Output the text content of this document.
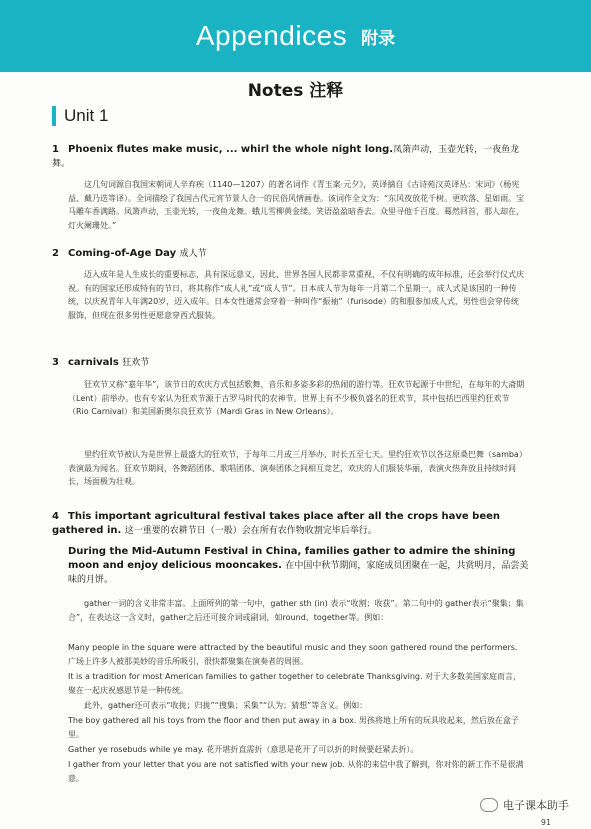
Appendices 附录
Notes 注释
Unit 1
1 Phoenix flutes make music, ... whirl the whole night long.凤箫声动，玉壶光转，一夜鱼龙舞。
这几句词源自我国宋朝词人辛弃疾（1140—1207）的著名词作《青玉案·元夕》，英译摘自《古诗苑汉英译丛：宋词》（杨宪益、戴乃迭等译）。全词描绘了我国古代元宵节景人合一的民俗风情画卷。该词作全文为：“东风夜放花千树。更吹落、星如雨。宝马雕车香满路。凤箫声动，玉壶光转，一夜鱼龙舞。蛾儿雪柳黄金缕。笑语盈盈暗香去。众里寻他千百度。蓦然回首，那人却在，灯火阑珊处。”
2 Coming-of-Age Day 成人节
迈入成年是人生成长的重要标志，具有深远意义，因此，世界各国人民都非常重视，不仅有明确的成年标准，还会举行仪式庆祝。有的国家还形成特有的节日，将其称作“成人礼”或“成人节”。日本成人节为每年一月第二个星期一，成人式是该国的一种传统，以庆祝青年人年满20岁，迈入成年。日本女性通常会穿着一种叫作“振袖”（furisode）的和服参加成人式，男性也会穿传统服饰，但现在很多男性更愿意穿西式服装。
3 carnivals 狂欢节
狂欢节又称“嘉年华”，该节日的欢庆方式包括歌舞、音乐和多姿多彩的热闹的游行等。狂欢节起源于中世纪，在每年的大斋期（Lent）前举办。也有专家认为狂欢节源于古罗马时代的农神节。世界上有不少极负盛名的狂欢节，其中包括巴西里约狂欢节（Rio Carnival）和美国新奥尔良狂欢节（Mardi Gras in New Orleans）。
里约狂欢节被认为是世界上最盛大的狂欢节，于每年二月或三月举办，时长五至七天。里约狂欢节以各这原桑巴舞（samba）表演最为闻名。狂欢节期间，各舞蹈团体、歌唱团体、演奏团体之间相互竞艺，欢庆的人们服装华丽，表演火热奔放且持续时间长，场面极为壮观。
4 This important agricultural festival takes place after all the crops have been gathered in. 这一重要的农耕节日（一般）会在所有农作物收割完毕后举行。
During the Mid-Autumn Festival in China, families gather to admire the shining moon and enjoy delicious mooncakes. 在中国中秋节期间，家庭成员团聚在一起，共赏明月，品尝美味的月饼。
gather一词的含义非常丰富。上面所列的第一句中，gather sth (in) 表示“收割；收获”。第二句中的 gather表示“聚集；集合”，在表达这一含义时，gather之后还可接介词或副词，如round、together等。例如：
Many people in the square were attracted by the beautiful music and they soon gathered round the performers. 广场上许多人被那美妙的音乐所吸引，很快都聚集在演奏者的周围。
It is a tradition for most American families to gather together to celebrate Thanksgiving. 对于大多数美国家庭而言，聚在一起庆祝感恩节是一种传统。
此外，gather还可表示“收拢；归拢”“搜集；采集”“认为；猜想”等含义。例如：
The boy gathered all his toys from the floor and then put away in a box. 男孩将地上所有的玩具收起来，然后放在盒子里。
Gather ye rosebuds while ye may. 花开堪折直需折（意思是花开了可以折的时候要赶紧去折）。
I gather from your letter that you are not satisfied with your new job. 从你的来信中我了解到，你对你的新工作不是很满意。
电子课本助手
91
